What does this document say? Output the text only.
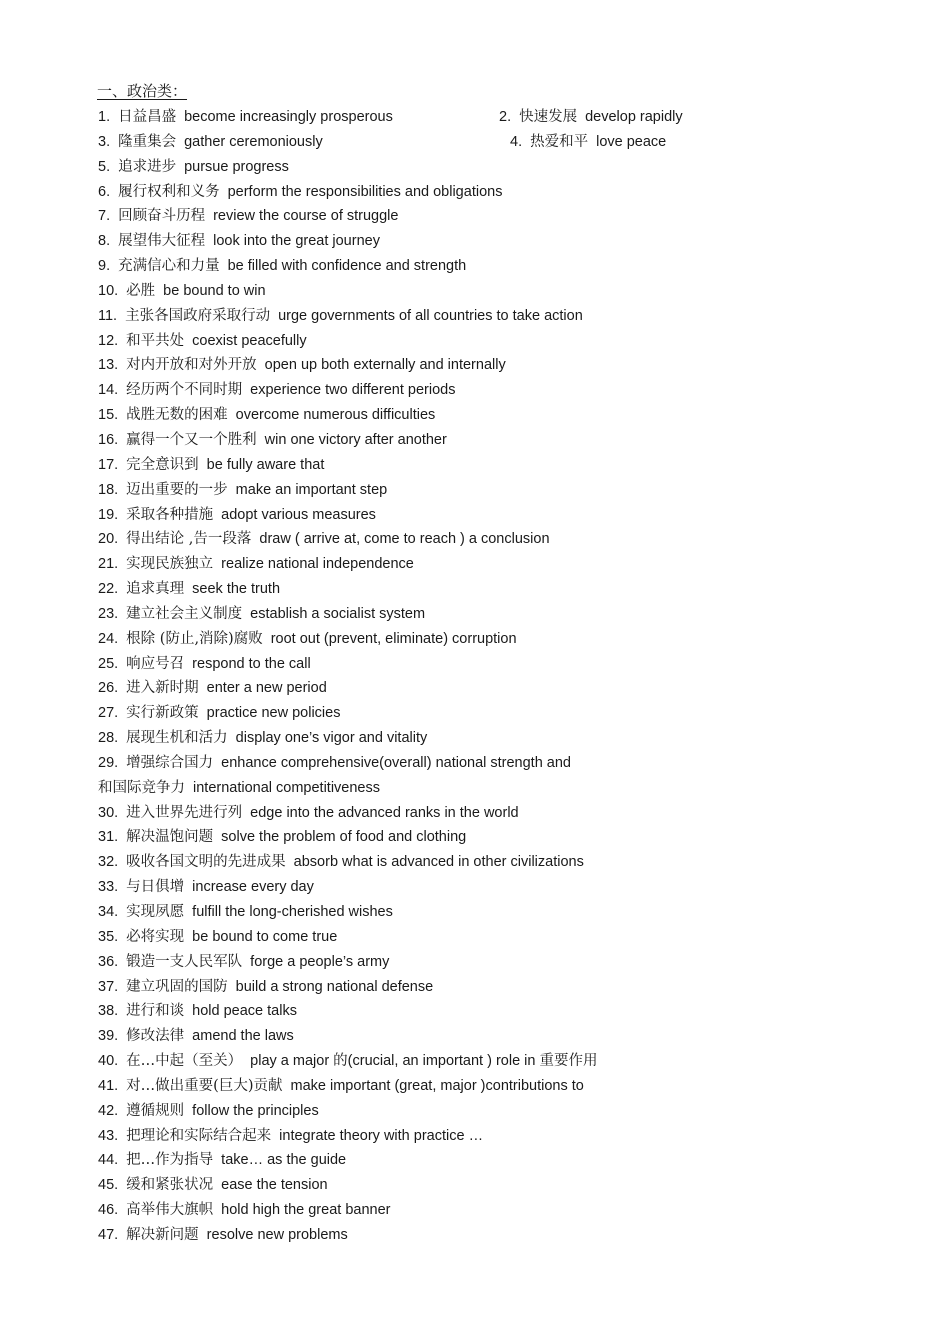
一、政治类：
1. 日益昌盛 become increasingly prosperous	2. 快速发展 develop rapidly
3. 隆重集会 gather ceremoniously	4. 热爱和平 love peace
5. 追求进步 pursue progress
6. 履行权利和义务 perform the responsibilities and obligations
7. 回顾奋斗历程 review the course of struggle
8. 展望伟大征程 look into the great journey
9. 充满信心和力量 be filled with confidence and strength
10. 必胜 be bound to win
11. 主张各国政府采取行动 urge governments of all countries to take action
12. 和平共处 coexist peacefully
13. 对内开放和对外开放 open up both externally and internally
14. 经历两个不同时期 experience two different periods
15. 战胜无数的困难 overcome numerous difficulties
16. 赢得一个又一个胜利 win one victory after another
17. 完全意识到 be fully aware that
18. 迈出重要的一步 make an important step
19. 采取各种措施 adopt various measures
20. 得出结论 ,告一段落 draw ( arrive at, come to reach ) a conclusion
21. 实现民族独立 realize national independence
22. 追求真理 seek the truth
23. 建立社会主义制度 establish a socialist system
24. 根除 (防止,消除)腐败 root out (prevent, eliminate) corruption
25. 响应号召 respond to the call
26. 进入新时期 enter a new period
27. 实行新政策 practice new policies
28. 展现生机和活力 display one’s vigor and vitality
29. 增强综合国力 enhance comprehensive(overall) national strength and
和国际竞争力 international competitiveness
30. 进入世界先进行列 edge into the advanced ranks in the world
31. 解决温饱问题 solve the problem of food and clothing
32. 吸收各国文明的先进成果 absorb what is advanced in other civilizations
33. 与日俱增 increase every day
34. 实现夙愿 fulfill the long-cherished wishes
35. 必将实现 be bound to come true
36. 锻造一支人民军队 forge a people’s army
37. 建立巩固的国防 build a strong national defense
38. 进行和谈 hold peace talks
39. 修改法律 amend the laws
40. 在…中起（至关） play a major 的(crucial, an important ) role in 重要作用
41. 对…做出重要(巨大)贡献 make important (great, major )contributions to
42. 遵循规则 follow the principles
43. 把理论和实际结合起来 integrate theory with practice …
44. 把…作为指导 take… as the guide
45. 缓和紧张状况 ease the tension
46. 高举伟大旗帜 hold high the great banner
47. 解决新问题 resolve new problems
